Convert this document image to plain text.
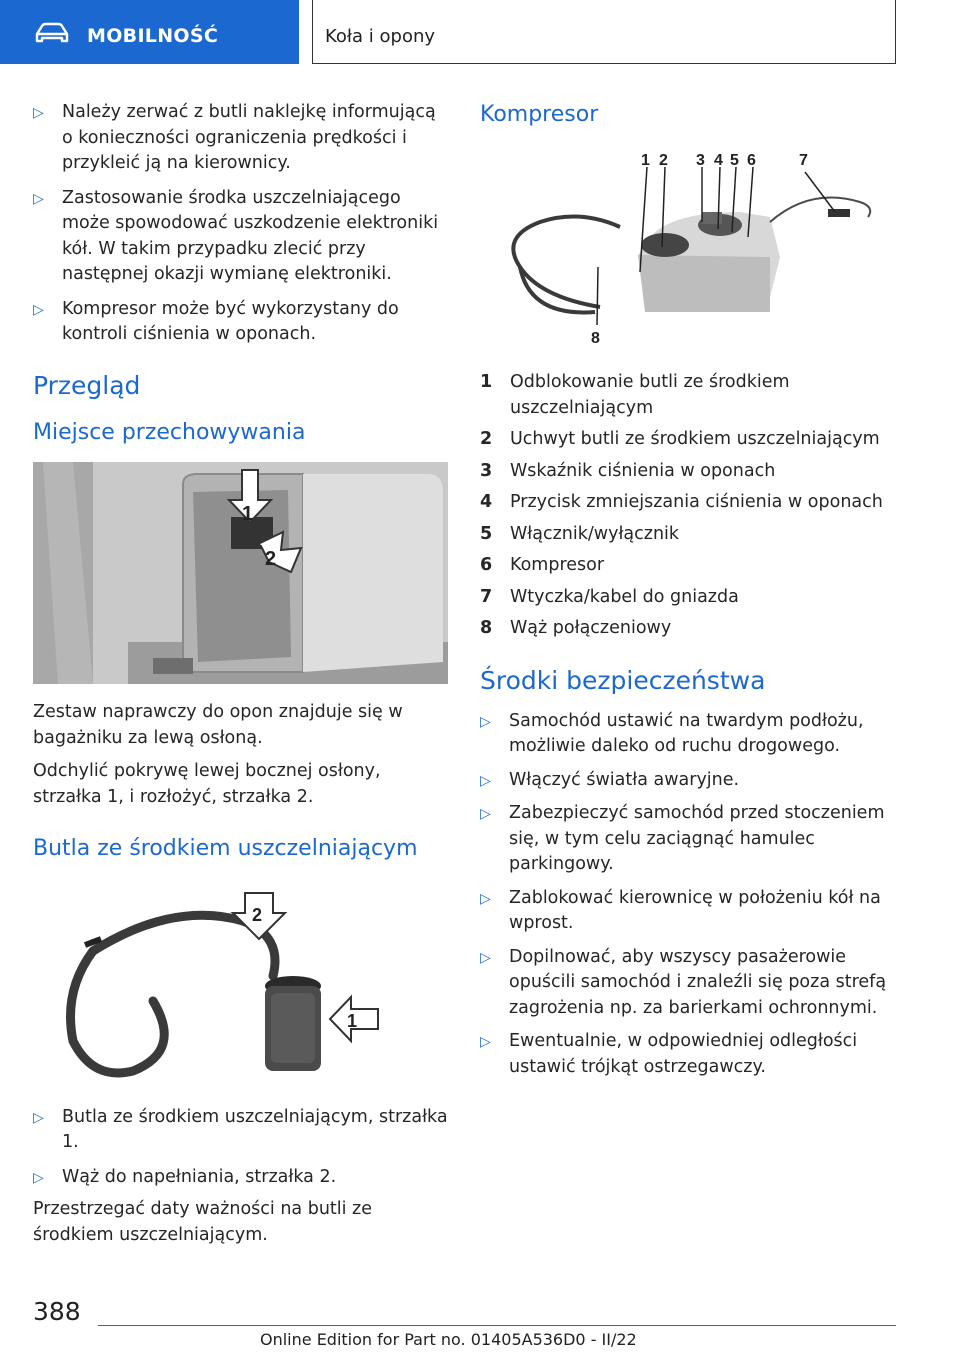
MOBILNOŚĆ	Koła i opony
▷ Należy zerwać z butli naklejkę informującą o konieczności ograniczenia prędkości i przykleić ją na kierownicy.
▷ Zastosowanie środka uszczelniającego może spowodować uszkodzenie elektroniki kół. W takim przypadku zlecić przy następnej okazji wymianę elektroniki.
▷ Kompresor może być wykorzystany do kontroli ciśnienia w oponach.
Przegląd
Miejsce przechowywania
1
2

Zestaw naprawczy do opon znajduje się w bagażniku za lewą osłoną.

Odchylić pokrywę lewej bocznej osłony, strzałka 1, i rozłożyć, strzałka 2.

Butla ze środkiem uszczelniającym
2
1
▷ Butla ze środkiem uszczelniającym, strzałka 1.
▷ Wąż do napełniania, strzałka 2.

Przestrzegać daty ważności na butli ze środkiem uszczelniającym.

Kompresor
1 2 3 4 5 6	7
8
1 Odblokowanie butli ze środkiem uszczelniającym
2 Uchwyt butli ze środkiem uszczelniającym
3 Wskaźnik ciśnienia w oponach
4 Przycisk zmniejszania ciśnienia w oponach
5 Włącznik/wyłącznik
6 Kompresor
7 Wtyczka/kabel do gniazda
8 Wąż połączeniowy
Środki bezpieczeństwa
▷ Samochód ustawić na twardym podłożu, możliwie daleko od ruchu drogowego.
▷ Włączyć światła awaryjne.
▷ Zabezpieczyć samochód przed stoczeniem się, w tym celu zaciągnąć hamulec parkingowy.
▷ Zablokować kierownicę w położeniu kół na wprost.
▷ Dopilnować, aby wszyscy pasażerowie opuścili samochód i znaleźli się poza strefą zagrożenia np. za barierkami ochronnymi.
▷ Ewentualnie, w odpowiedniej odległości ustawić trójkąt ostrzegawczy.
388
Online Edition for Part no. 01405A536D0 - II/22
